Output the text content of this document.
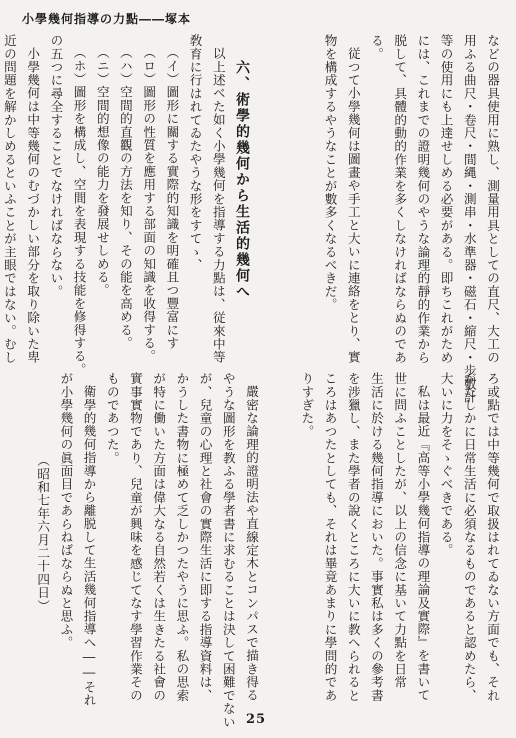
小學幾何指導の力點――塚本
などの器具使用に熟し、測量用具としての直尺、大工の
用ふる曲尺・卷尺・間縄・測串・水準器・磁石・縮尺・步數計
等の使用にも上達せしめる必要がある。即ちこれがため
には、これまでの證明幾何のやうな論理的靜的作業から
脱して、具體的動的作業を多くしなければならぬのであ
る。
従つて小學幾何は圖畫や手工と大いに連絡をとり、實
物を構成するやうなことが數多くなるべきだ。
六、術學的幾何から生活的幾何へ
以上述べた如く小學幾何を指導する力點は、従來中等
敎育に行はれてゐたやうな形をすてゝ、
（イ）圖形に關する實際的知識を明確且つ豐富にす
（ロ）圖形の性質を應用する部面の知識を收得する。
（ハ）空間的直觀の方法を知り、その能を高める。
（ニ）空間的想像の能力を發展せしめる。
（ホ）圖形を構成し、空間を表現する技能を修得する。
の五つに尋全することでなければならない。
小學幾何は中等幾何のむづかしい部分を取り除いた卑
近の問題を解かしめるといふことが主眼ではない。むし
ろ或點では中等幾何で取扱はれてゐない方面でも、それ
がたしかに日常生活に必須なるものであると認めたら、
大いに力をそゝぐべきである。
私は最近『高等小學幾何指導の理論及實際』を書いて
世に問ふことしたが、以上の信念に基いて力點を日常
生活に於ける幾何指導においた。事實私は多くの參考書
を涉獵し、また學者の說くところに大いに教へられると
ころはあつたとしても、それは畢竟あまりに學問的であ
りすぎた。
嚴密な論理的證明法や直線定木とコンパスで描き得る
やうな圖形を教ふる學者書に求むることは決して困難でない
が、兒童の心理と社會の實際生活に即する指導資料は、
かうした書物に極めて乏しかつたやうに思ふ。私の思索
が特に働いた方面は偉大なる自然若くは生きたる社會の
實事實物であり、兒童が興味を感じてなす學習作業その
ものであつた。
衛學的幾何指導から離脱して生活幾何指導へ――それ
が小學幾何の眞面目であらねばならぬと思ふ。
（昭和七年六月二十四日）
25
